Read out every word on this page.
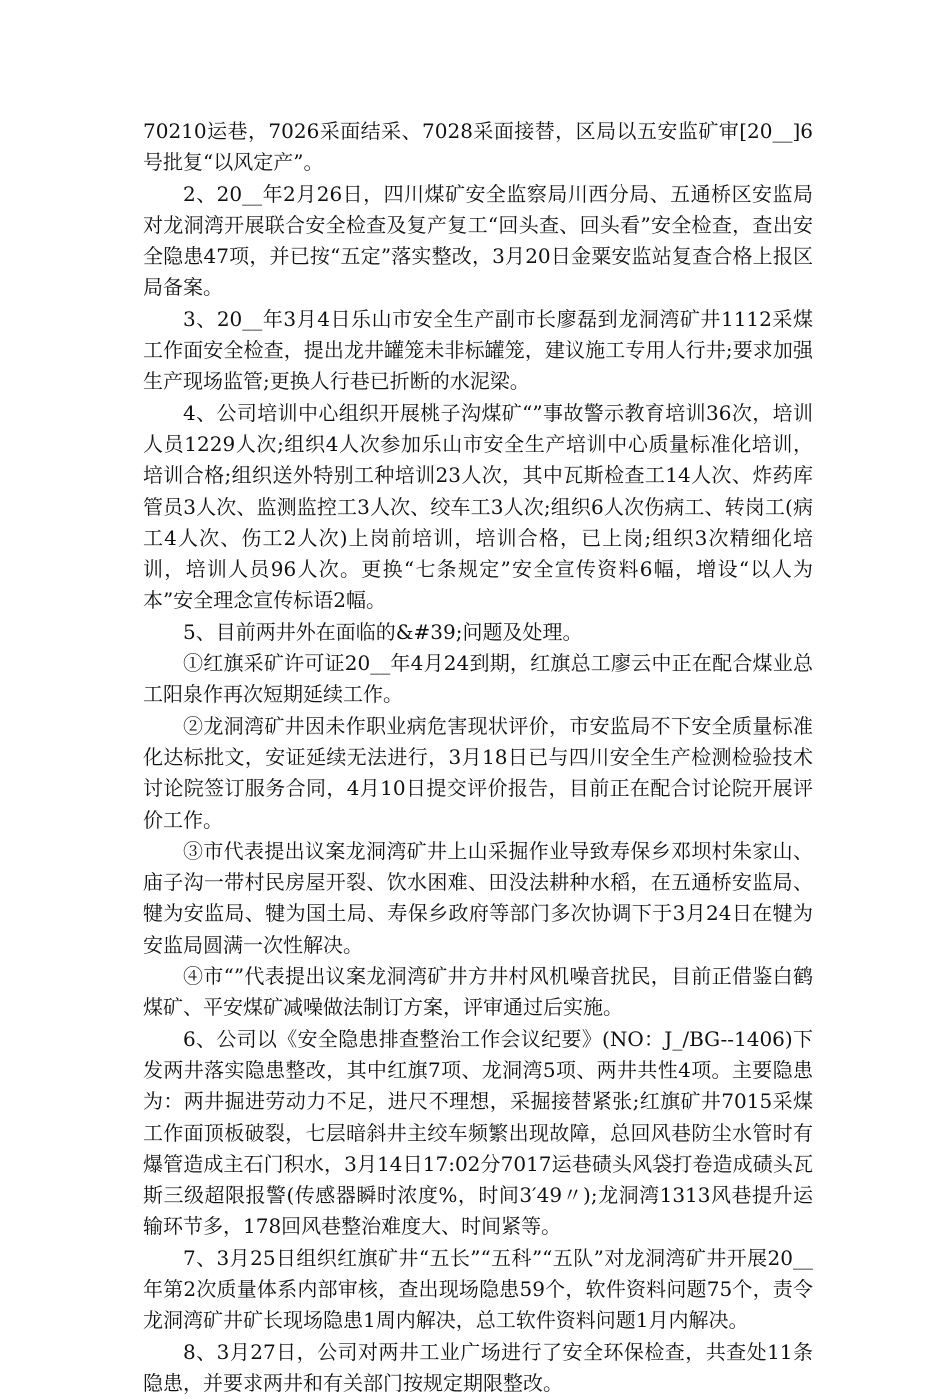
70210运巷，7026采面结采、7028采面接替，区局以五安监矿审[20__]6号批复“以风定产”。

2、20__年2月26日，四川煤矿安全监察局川西分局、五通桥区安监局对龙洞湾开展联合安全检查及复产复工“回头查、回头看”安全检查，查出安全隐患47项，并已按“五定”落实整改，3月20日金粟安监站复查合格上报区局备案。

3、20__年3月4日乐山市安全生产副市长廖磊到龙洞湾矿井1112采煤工作面安全检查，提出龙井罐笼未非标罐笼，建议施工专用人行井;要求加强生产现场监管;更换人行巷已折断的水泥梁。

4、公司培训中心组织开展桃子沟煤矿“”事故警示教育培训36次，培训人员1229人次;组织4人次参加乐山市安全生产培训中心质量标准化培训，培训合格;组织送外特别工种培训23人次，其中瓦斯检查工14人次、炸药库管员3人次、监测监控工3人次、绞车工3人次;组织6人次伤病工、转岗工(病工4人次、伤工2人次)上岗前培训，培训合格，已上岗;组织3次精细化培训，培训人员96人次。更换“七条规定”安全宣传资料6幅，增设“以人为本”安全理念宣传标语2幅。

5、目前两井外在面临的&#39;问题及处理。

①红旗采矿许可证20__年4月24到期，红旗总工廖云中正在配合煤业总工阳泉作再次短期延续工作。

②龙洞湾矿井因未作职业病危害现状评价，市安监局不下安全质量标准化达标批文，安证延续无法进行，3月18日已与四川安全生产检测检验技术讨论院签订服务合同，4月10日提交评价报告，目前正在配合讨论院开展评价工作。

③市代表提出议案龙洞湾矿井上山采掘作业导致寿保乡邓坝村朱家山、庙子沟一带村民房屋开裂、饮水困难、田没法耕种水稻，在五通桥安监局、犍为安监局、犍为国土局、寿保乡政府等部门多次协调下于3月24日在犍为安监局圆满一次性解决。

④市“”代表提出议案龙洞湾矿井方井村风机噪音扰民，目前正借鉴白鹤煤矿、平安煤矿减噪做法制订方案，评审通过后实施。

6、公司以《安全隐患排查整治工作会议纪要》(NO：J_/BG--1406)下发两井落实隐患整改，其中红旗7项、龙洞湾5项、两井共性4项。主要隐患为：两井掘进劳动力不足，进尺不理想，采掘接替紧张;红旗矿井7015采煤工作面顶板破裂，七层暗斜井主绞车频繁出现故障，总回风巷防尘水管时有爆管造成主石门积水，3月14日17:02分7017运巷碛头风袋打卷造成碛头瓦斯三级超限报警(传感器瞬时浓度%，时间3′49〃);龙洞湾1313风巷提升运输环节多，178回风巷整治难度大、时间紧等。

7、3月25日组织红旗矿井“五长”“五科”“五队”对龙洞湾矿井开展20__年第2次质量体系内部审核，查出现场隐患59个，软件资料问题75个，责令龙洞湾矿井矿长现场隐患1周内解决，总工软件资料问题1月内解决。

8、3月27日，公司对两井工业广场进行了安全环保检查，共查处11条隐患，并要求两井和有关部门按规定期限整改。
